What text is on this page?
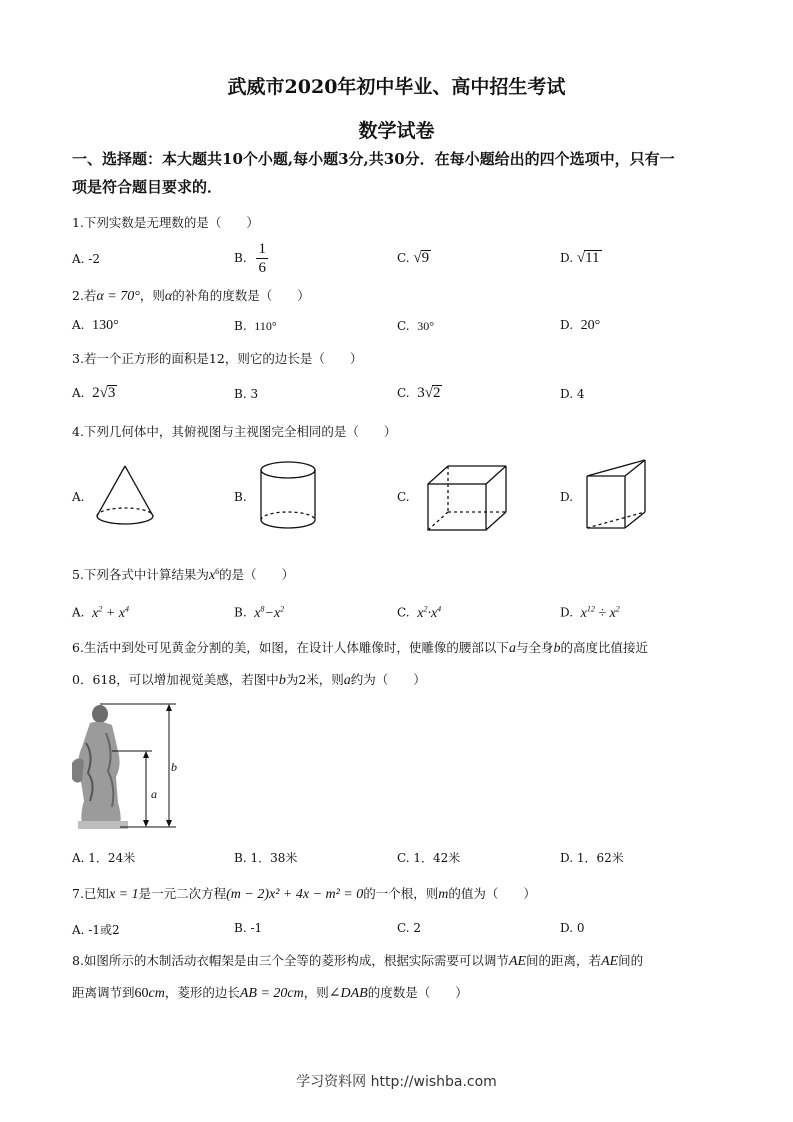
武威市2020年初中毕业、高中招生考试
数学试卷
一、选择题：本大题共10个小题,每小题3分,共30分．在每小题给出的四个选项中，只有一
项是符合题目要求的．
1.下列实数是无理数的是（　　）
A. -2	B. $\frac{1}{6}$	C. √9	D. √11
2.若α = 70°，则α的补角的度数是（　　）
A. 130°	B. 110°	C. 30°	D. 20°
3.若一个正方形的面积是12，则它的边长是（　　）
A. 2√3	B. 3	C. 3√2	D. 4
4.下列几何体中，其俯视图与主视图完全相同的是（　　）
A.	B.	C.	D.
5.下列各式中计算结果为$x^6$的是（　　）
A. $x^2 + x^4$	B. $x^8-x^2$	C. $x^2\cdot x^4$	D. $x^{12} \div x^2$
6.生活中到处可见黄金分割的美，如图，在设计人体雕像时，使雕像的腰部以下a与全身b的高度比值接近
0．618，可以增加视觉美感，若图中b为2米，则a约为（　　）
a
b
A. 1．24米	B. 1．38米	C. 1．42米	D. 1．62米
7.已知x = 1是一元二次方程(m − 2)x² + 4x − m² = 0的一个根，则m的值为（　　）
A. -1或2	B. -1	C. 2	D. 0
8.如图所示的木制活动衣帽架是由三个全等的菱形构成，根据实际需要可以调节AE间的距离，若AE间的
距离调节到60cm，菱形的边长AB = 20cm，则∠DAB的度数是（　　）
学习资料网 http://wishba.com
